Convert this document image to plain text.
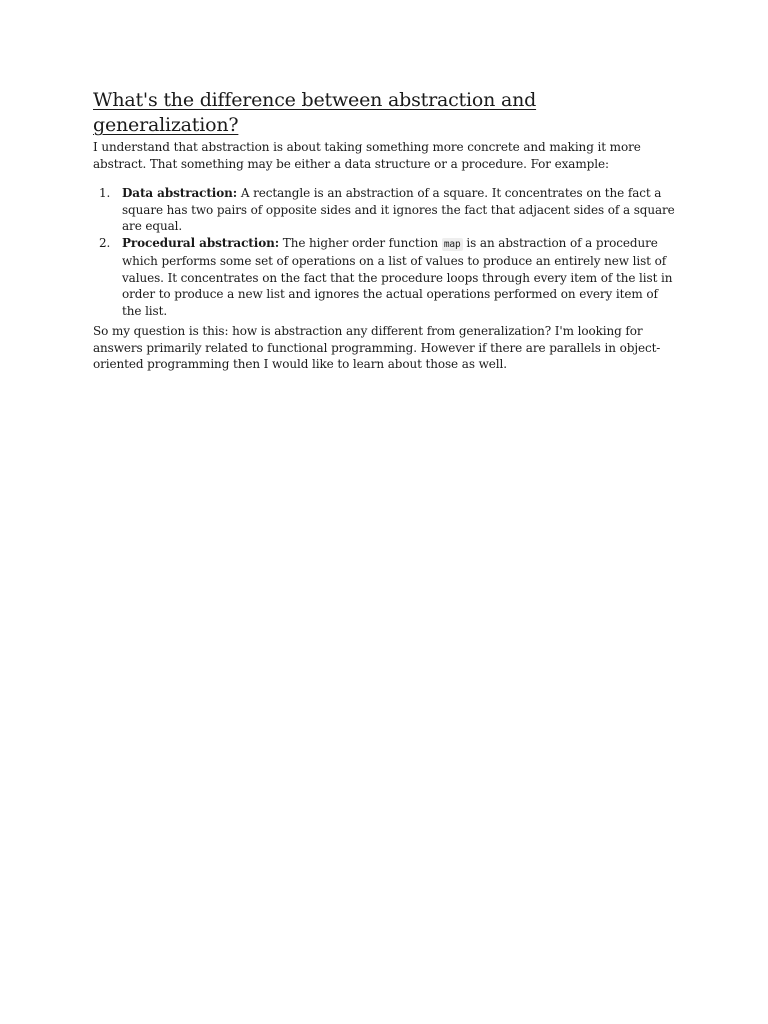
What's the difference between abstraction and generalization?

I understand that abstraction is about taking something more concrete and making it more abstract. That something may be either a data structure or a procedure. For example:

1. Data abstraction: A rectangle is an abstraction of a square. It concentrates on the fact a square has two pairs of opposite sides and it ignores the fact that adjacent sides of a square are equal.
2. Procedural abstraction: The higher order function map is an abstraction of a procedure which performs some set of operations on a list of values to produce an entirely new list of values. It concentrates on the fact that the procedure loops through every item of the list in order to produce a new list and ignores the actual operations performed on every item of the list.

So my question is this: how is abstraction any different from generalization? I'm looking for answers primarily related to functional programming. However if there are parallels in object-oriented programming then I would like to learn about those as well.
